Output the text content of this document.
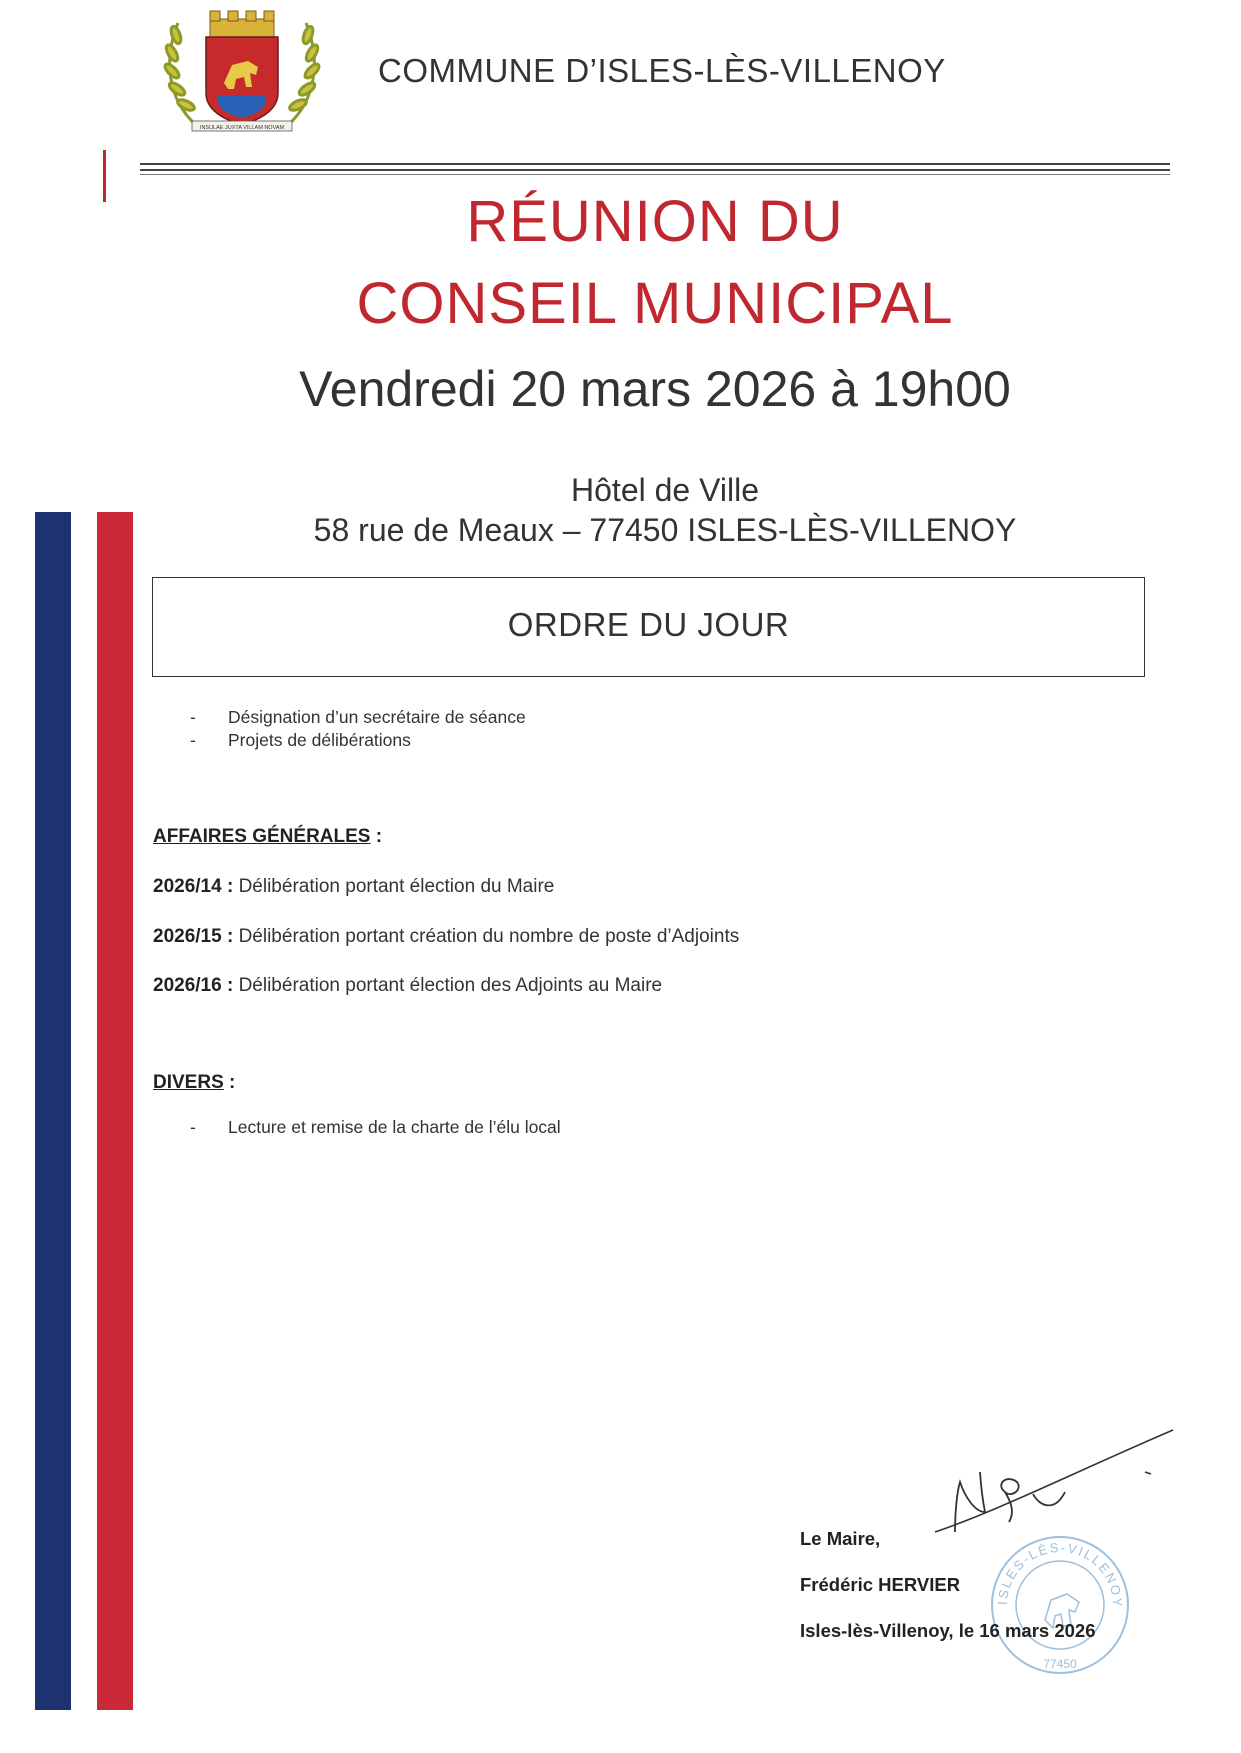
INSULAE JUXTA VILLAM NOVAM
COMMUNE D’ISLES-LÈS-VILLENOY
RÉUNION DU
CONSEIL MUNICIPAL
Vendredi 20 mars 2026 à 19h00
Hôtel de Ville
58 rue de Meaux – 77450 ISLES-LÈS-VILLENOY
ORDRE DU JOUR
- Désignation d’un secrétaire de séance
- Projets de délibérations
AFFAIRES GÉNÉRALES :
2026/14 : Délibération portant élection du Maire
2026/15 : Délibération portant création du nombre de poste d’Adjoints
2026/16 : Délibération portant élection des Adjoints au Maire
DIVERS :
- Lecture et remise de la charte de l’élu local
ISLES-LÈS-VILLENOY
77450
Le Maire,
Frédéric HERVIER
Isles-lès-Villenoy, le 16 mars 2026
